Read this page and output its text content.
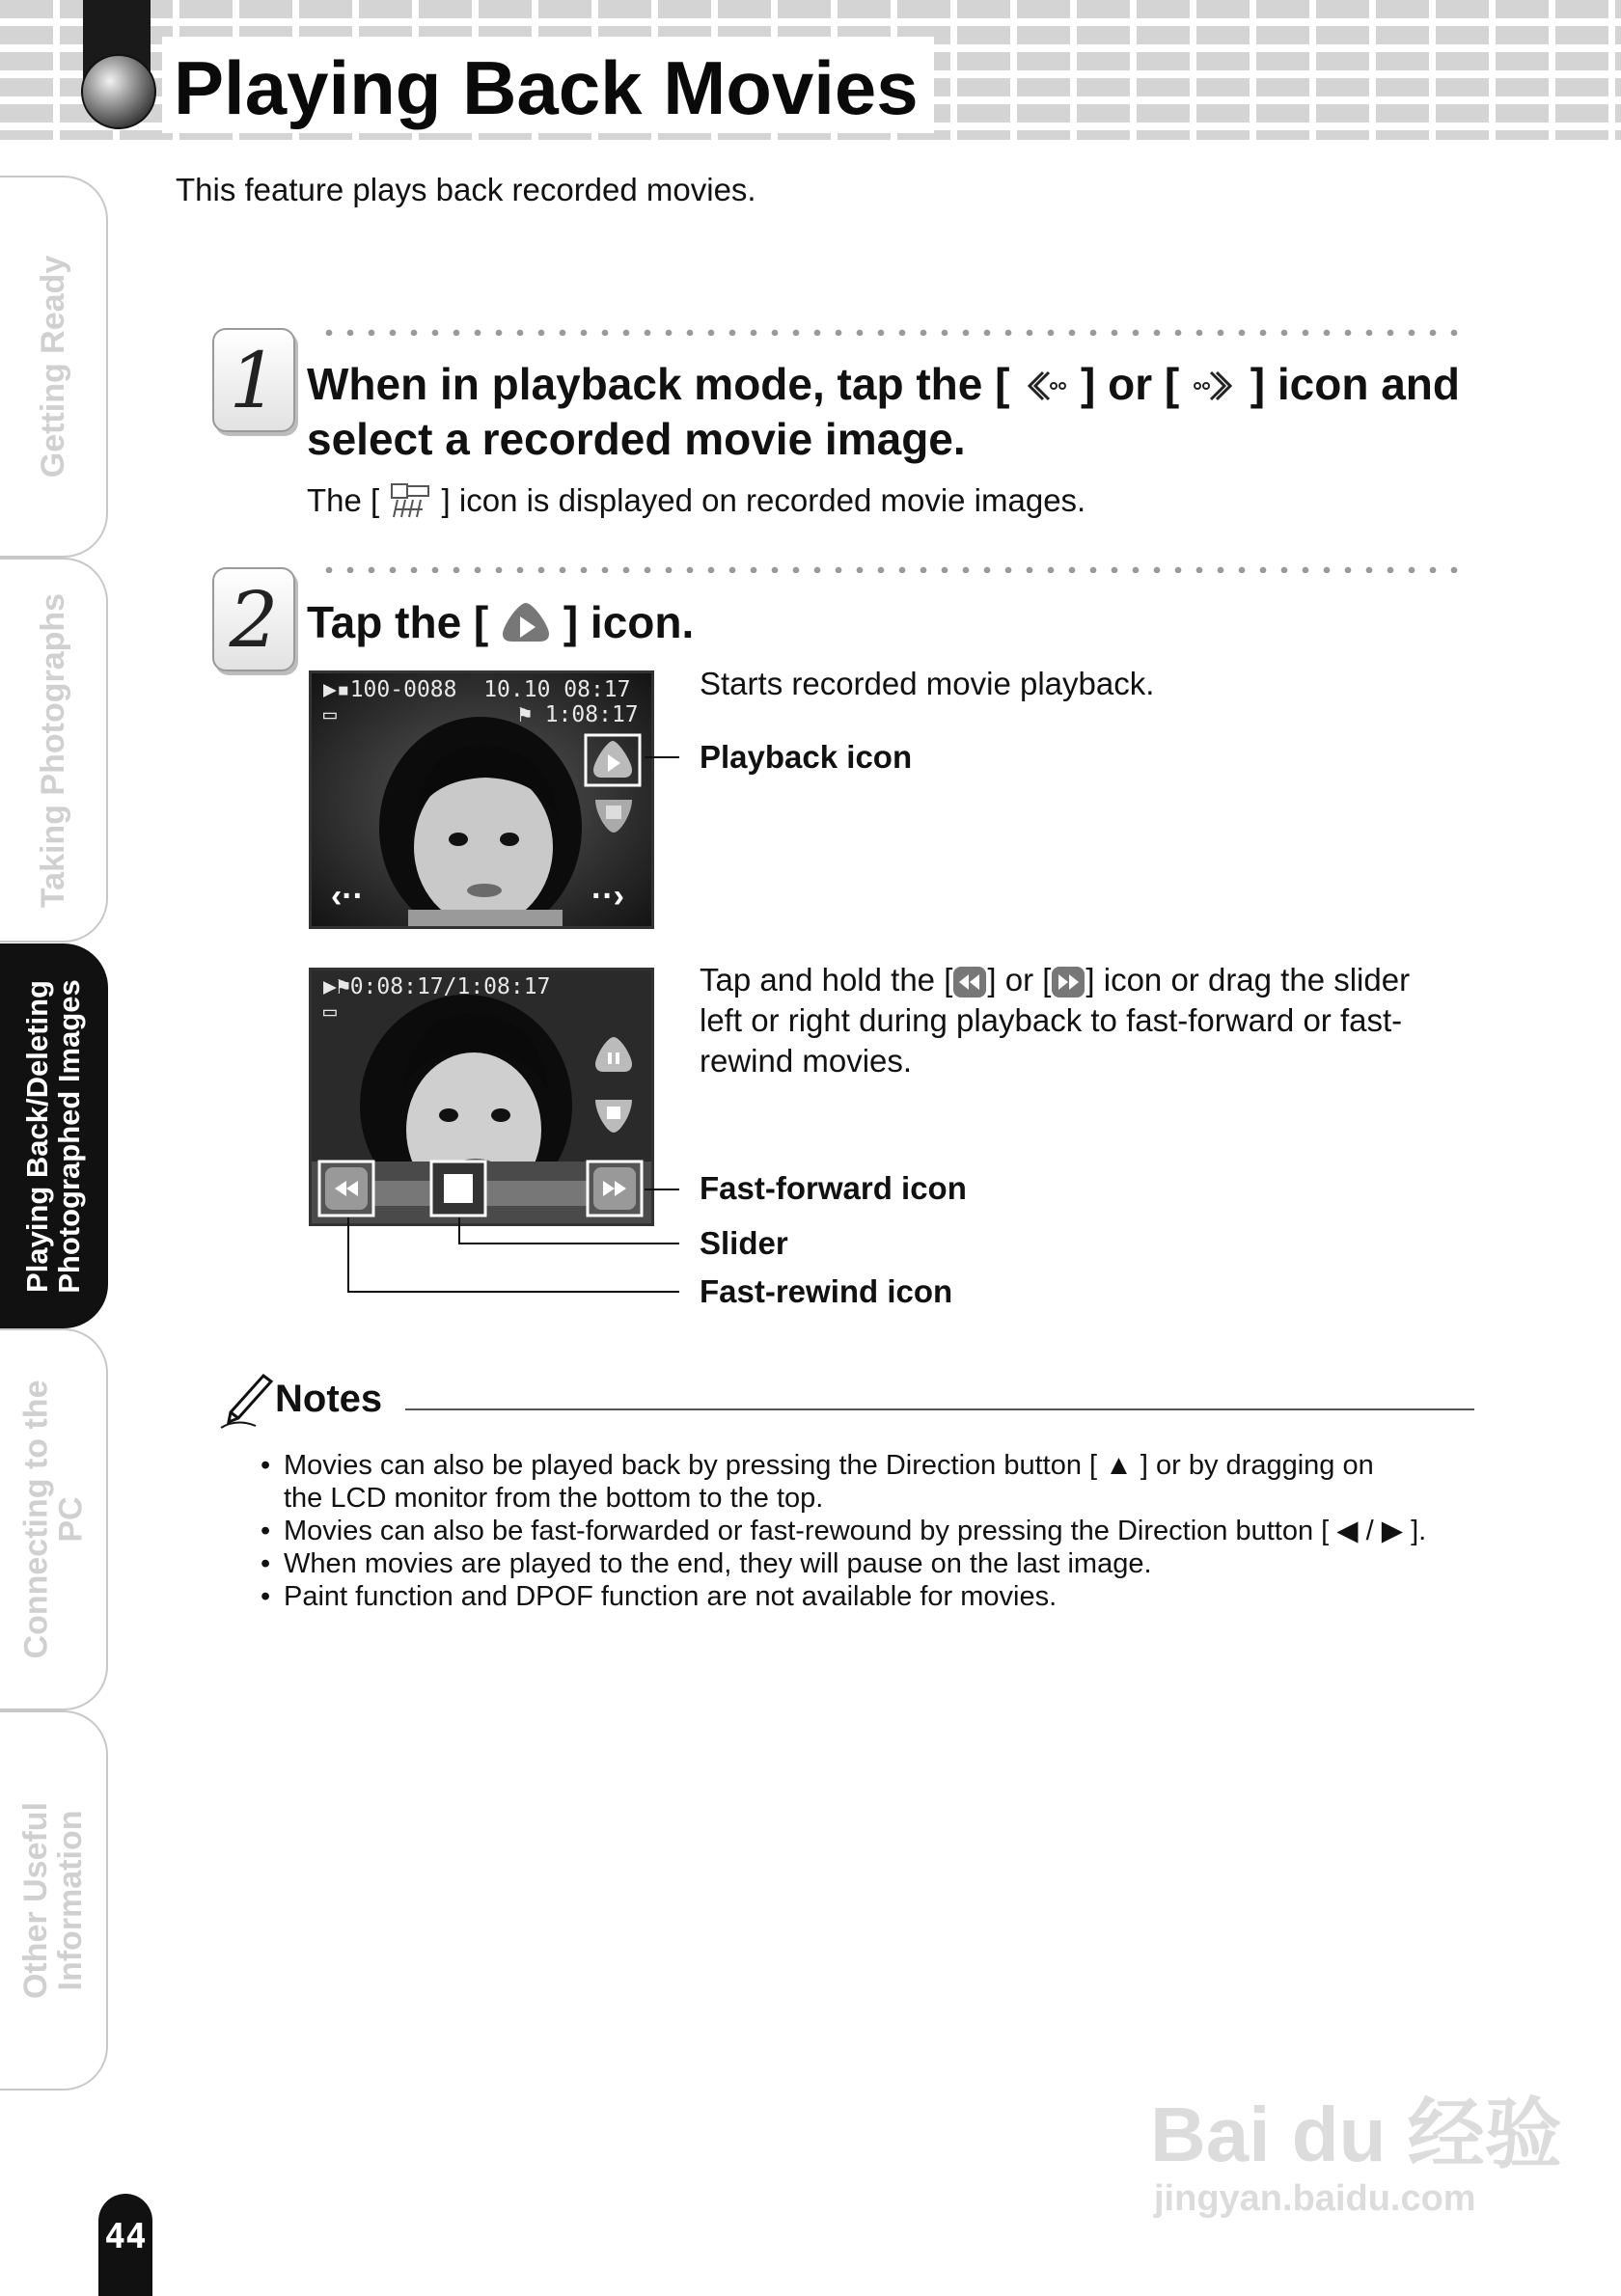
Playing Back Movies
This feature plays back recorded movies.
Getting Ready
Taking Photographs
Playing Back/Deleting
Photographed Images
Connecting to the
PC
Other Useful
Information
1 When in playback mode, tap the [ ] or [ ] icon and
select a recorded movie image.
The [ ] icon is displayed on recorded movie images.
2 Tap the [ ] icon.
▶▪100-0088 10.10 08:17
▭	⚑ 1:08:17
‹··	··›
Starts recorded movie playback.
Playback icon
▶⚑0:08:17/1:08:17
▭
Tap and hold the [ ] or [ ] icon or drag the slider
left or right during playback to fast-forward or fast-
rewind movies.
Fast-forward icon
Slider
Fast-rewind icon
Notes
• Movies can also be played back by pressing the Direction button [ ▲ ] or by dragging on
the LCD monitor from the bottom to the top.
• Movies can also be fast-forwarded or fast-rewound by pressing the Direction button [ ◀ / ▶ ].
• When movies are played to the end, they will pause on the last image.
• Paint function and DPOF function are not available for movies.
Bai du 经验
jingyan.baidu.com
44
